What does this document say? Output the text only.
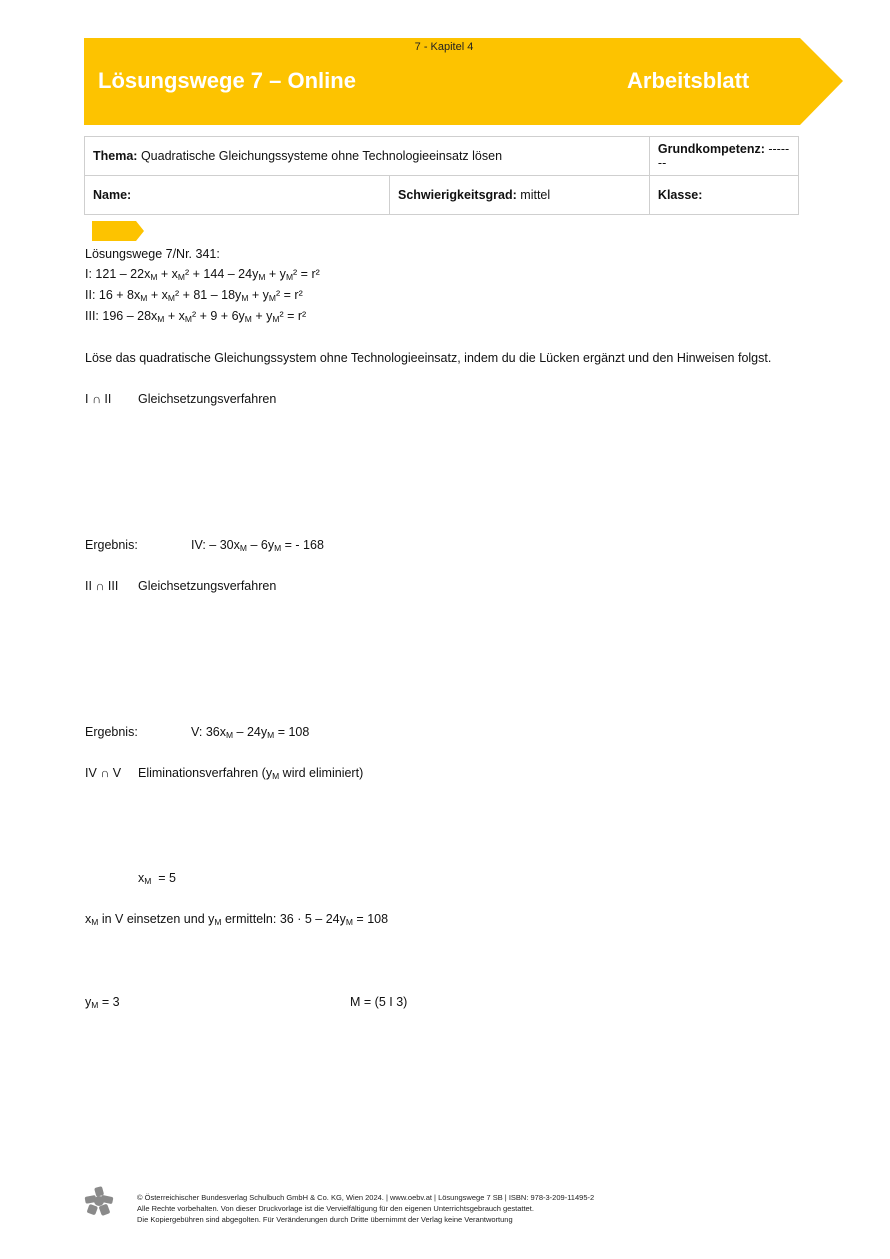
7 - Kapitel 4
Lösungswege 7 – Online	Arbeitsblatt
Thema: Quadratische Gleichungssysteme ohne Technologieeinsatz lösen		Grundkompetenz: -------
Name:	Schwierigkeitsgrad: mittel	Klasse:
Lösungswege 7/Nr. 341:
I: $121 - 22x_M + x_M^2 + 144 - 24y_M + y_M^2 = r^2$
II: $16 + 8x_M + x_M^2 + 81 - 18y_M + y_M^2 = r^2$
III: $196 - 28x_M + x_M^2 + 9 + 6y_M + y_M^2 = r^2$
Löse das quadratische Gleichungssystem ohne Technologieeinsatz, indem du die Lücken ergänzt und den Hinweisen folgst.
I ∩ II Gleichsetzungsverfahren
Ergebnis:	IV: – $30x_M - 6y_M$ = - 168
II ∩ III Gleichsetzungsverfahren
Ergebnis:	V: $36x_M - 24y_M = 108$
IV ∩ V Eliminationsverfahren ($y_M$ wird eliminiert)
$x_M = 5$
$x_M$ in V einsetzen und $y_M$ ermitteln: $36 \cdot 5 - 24y_M = 108$
$y_M = 3$	M = (5 I 3)
© Österreichischer Bundesverlag Schulbuch GmbH & Co. KG, Wien 2024. | www.oebv.at | Lösungswege 7 SB | ISBN: 978-3-209-11495-2
Alle Rechte vorbehalten. Von dieser Druckvorlage ist die Vervielfältigung für den eigenen Unterrichtsgebrauch gestattet.
Die Kopiergebühren sind abgegolten. Für Veränderungen durch Dritte übernimmt der Verlag keine Verantwortung
